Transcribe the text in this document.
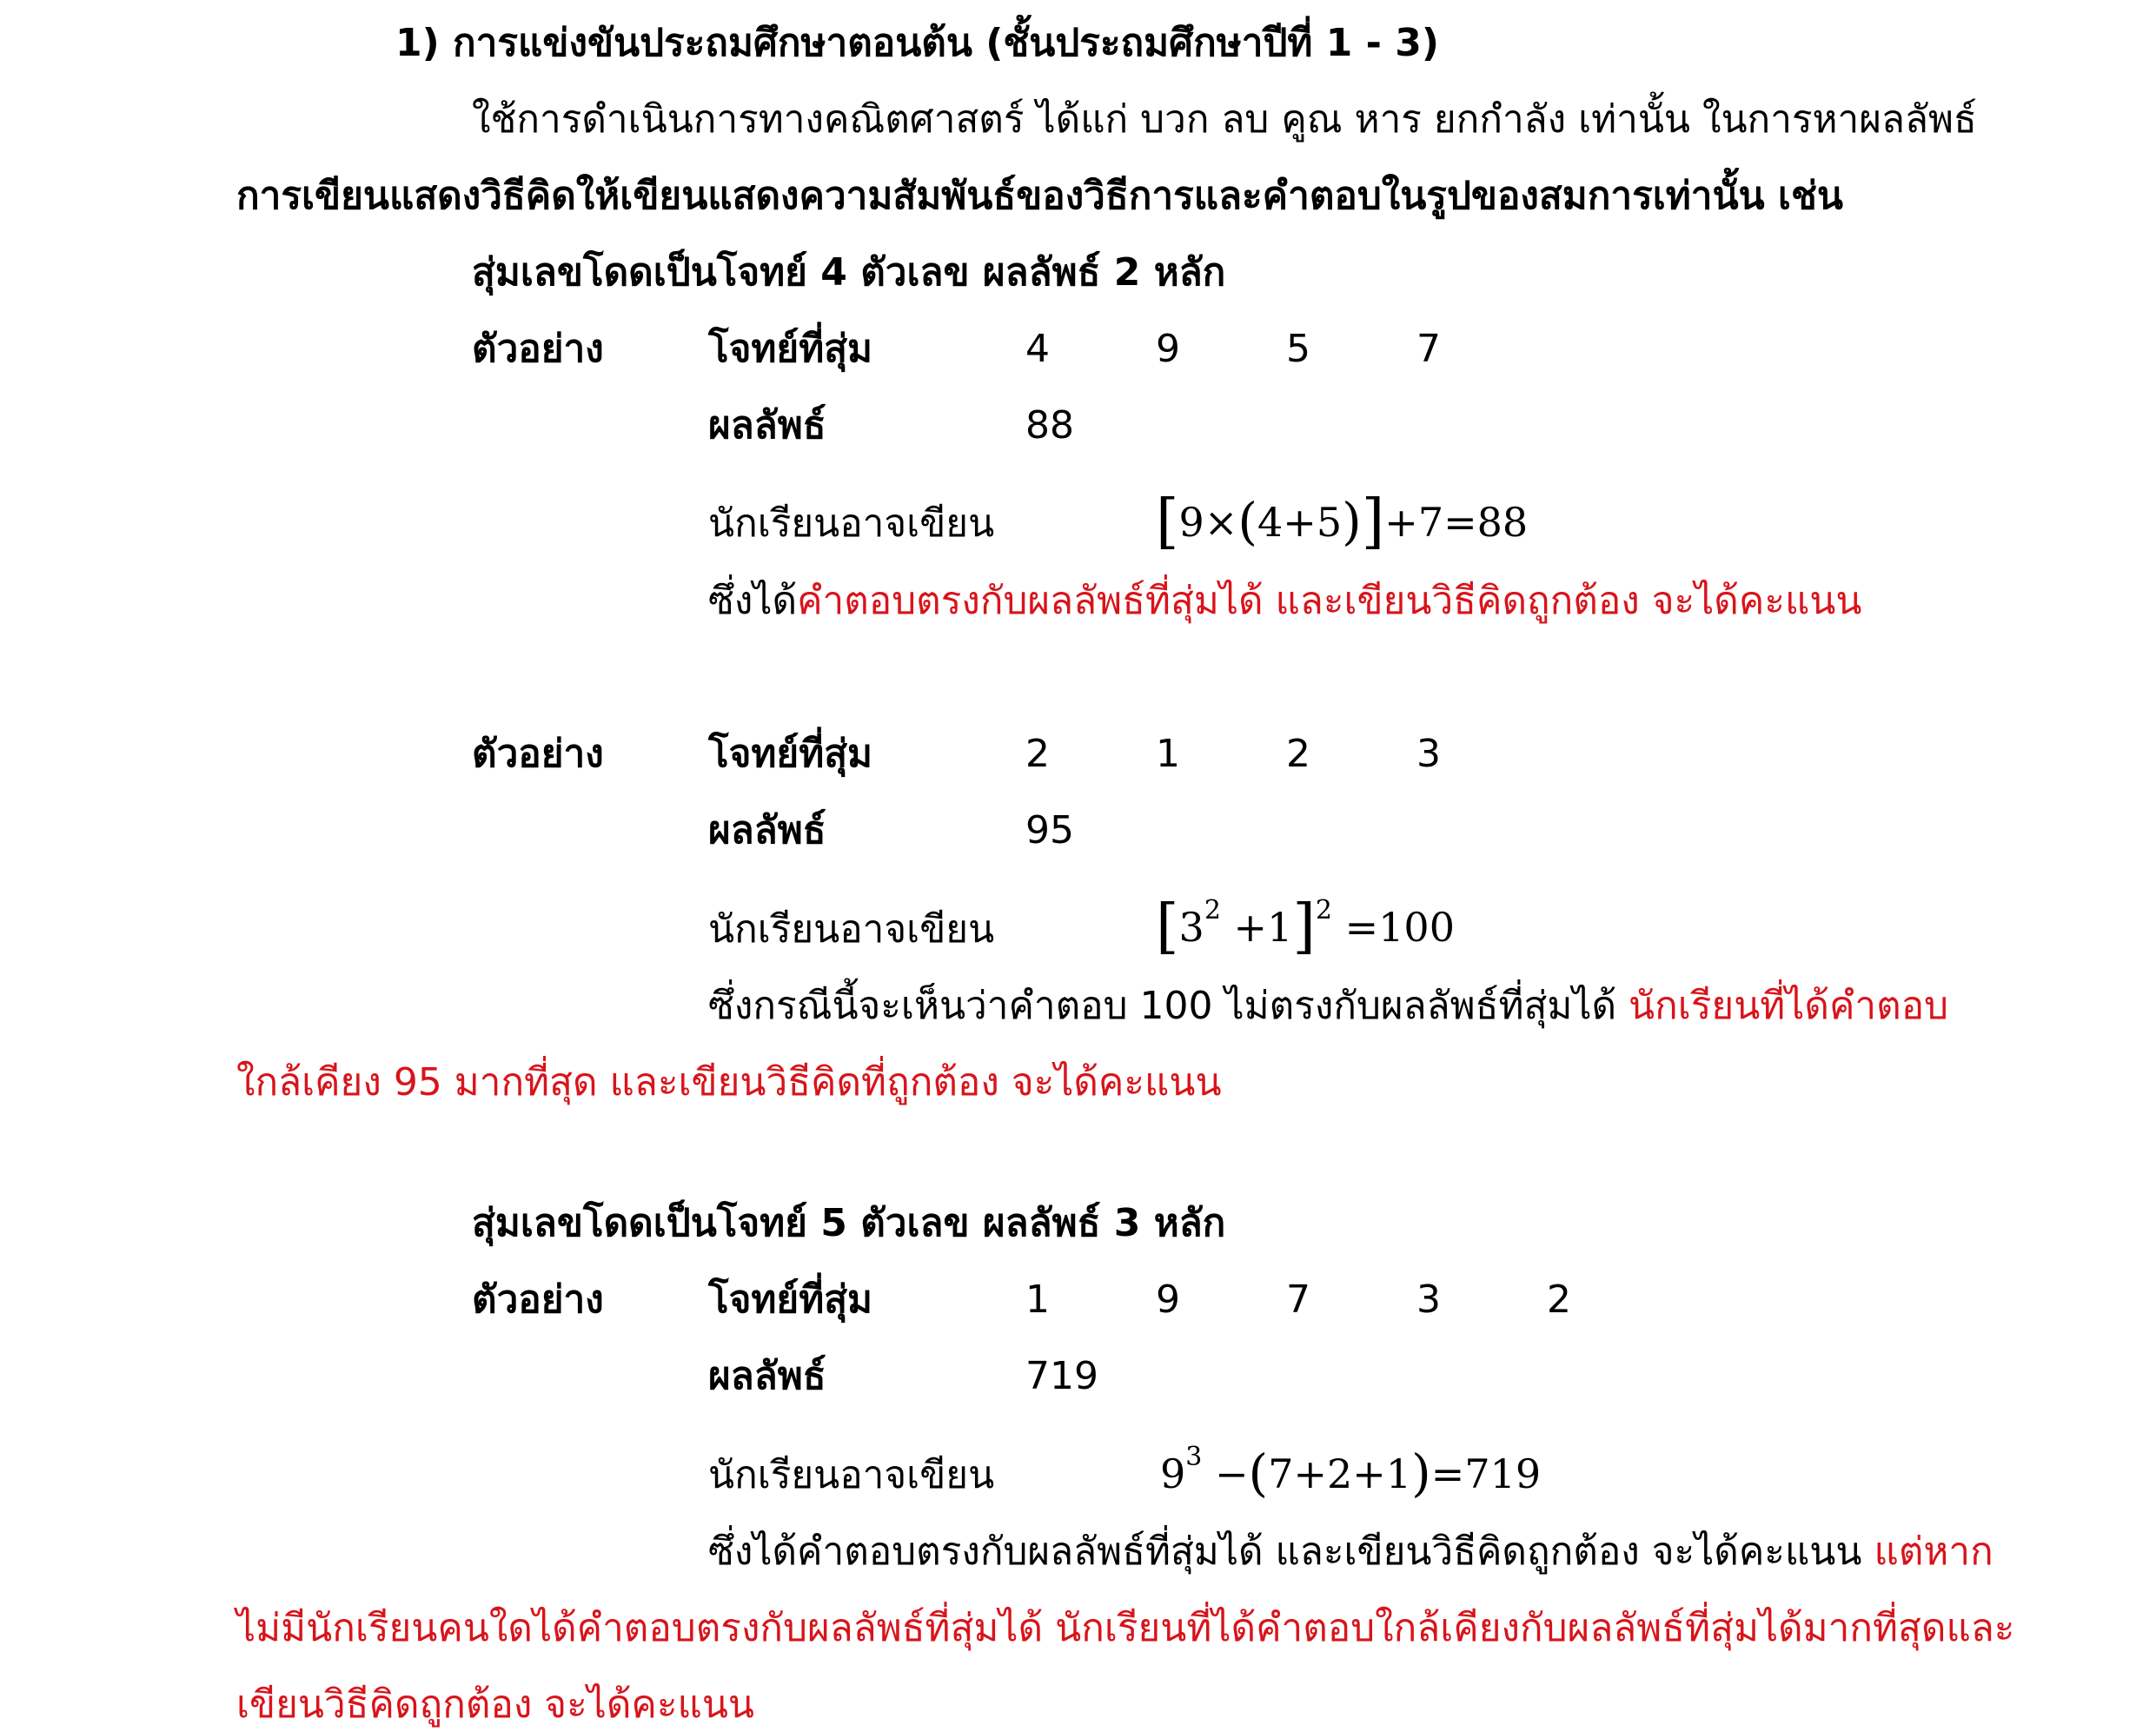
1) การแข่งขันประถมศึกษาตอนต้น (ชั้นประถมศึกษาปีที่ 1 - 3)
ใช้การดำเนินการทางคณิตศาสตร์ ได้แก่ บวก ลบ คูณ หาร ยกกำลัง เท่านั้น ในการหาผลลัพธ์
การเขียนแสดงวิธีคิดให้เขียนแสดงความสัมพันธ์ของวิธีการและคำตอบในรูปของสมการเท่านั้น เช่น
สุ่มเลขโดดเป็นโจทย์ 4 ตัวเลข ผลลัพธ์ 2 หลัก
ตัวอย่าง	โจทย์ที่สุ่ม	4	9	5	7
ผลลัพธ์	88
นักเรียนอาจเขียน	[9×(4+5)]+7=88
ซึ่งได้คำตอบตรงกับผลลัพธ์ที่สุ่มได้ และเขียนวิธีคิดถูกต้อง จะได้คะแนน
ตัวอย่าง	โจทย์ที่สุ่ม	2	1	2	3
ผลลัพธ์	95
นักเรียนอาจเขียน	$[3^2 +1]^2 =100$
ซึ่งกรณีนี้จะเห็นว่าคำตอบ 100 ไม่ตรงกับผลลัพธ์ที่สุ่มได้ นักเรียนที่ได้คำตอบ
ใกล้เคียง 95 มากที่สุด และเขียนวิธีคิดที่ถูกต้อง จะได้คะแนน
สุ่มเลขโดดเป็นโจทย์ 5 ตัวเลข ผลลัพธ์ 3 หลัก
ตัวอย่าง	โจทย์ที่สุ่ม	1	9	7	3	2
ผลลัพธ์	719
นักเรียนอาจเขียน	$9^3 -(7+2+1)=719$
ซึ่งได้คำตอบตรงกับผลลัพธ์ที่สุ่มได้ และเขียนวิธีคิดถูกต้อง จะได้คะแนน แต่หาก
ไม่มีนักเรียนคนใดได้คำตอบตรงกับผลลัพธ์ที่สุ่มได้ นักเรียนที่ได้คำตอบใกล้เคียงกับผลลัพธ์ที่สุ่มได้มากที่สุดและ
เขียนวิธีคิดถูกต้อง จะได้คะแนน
